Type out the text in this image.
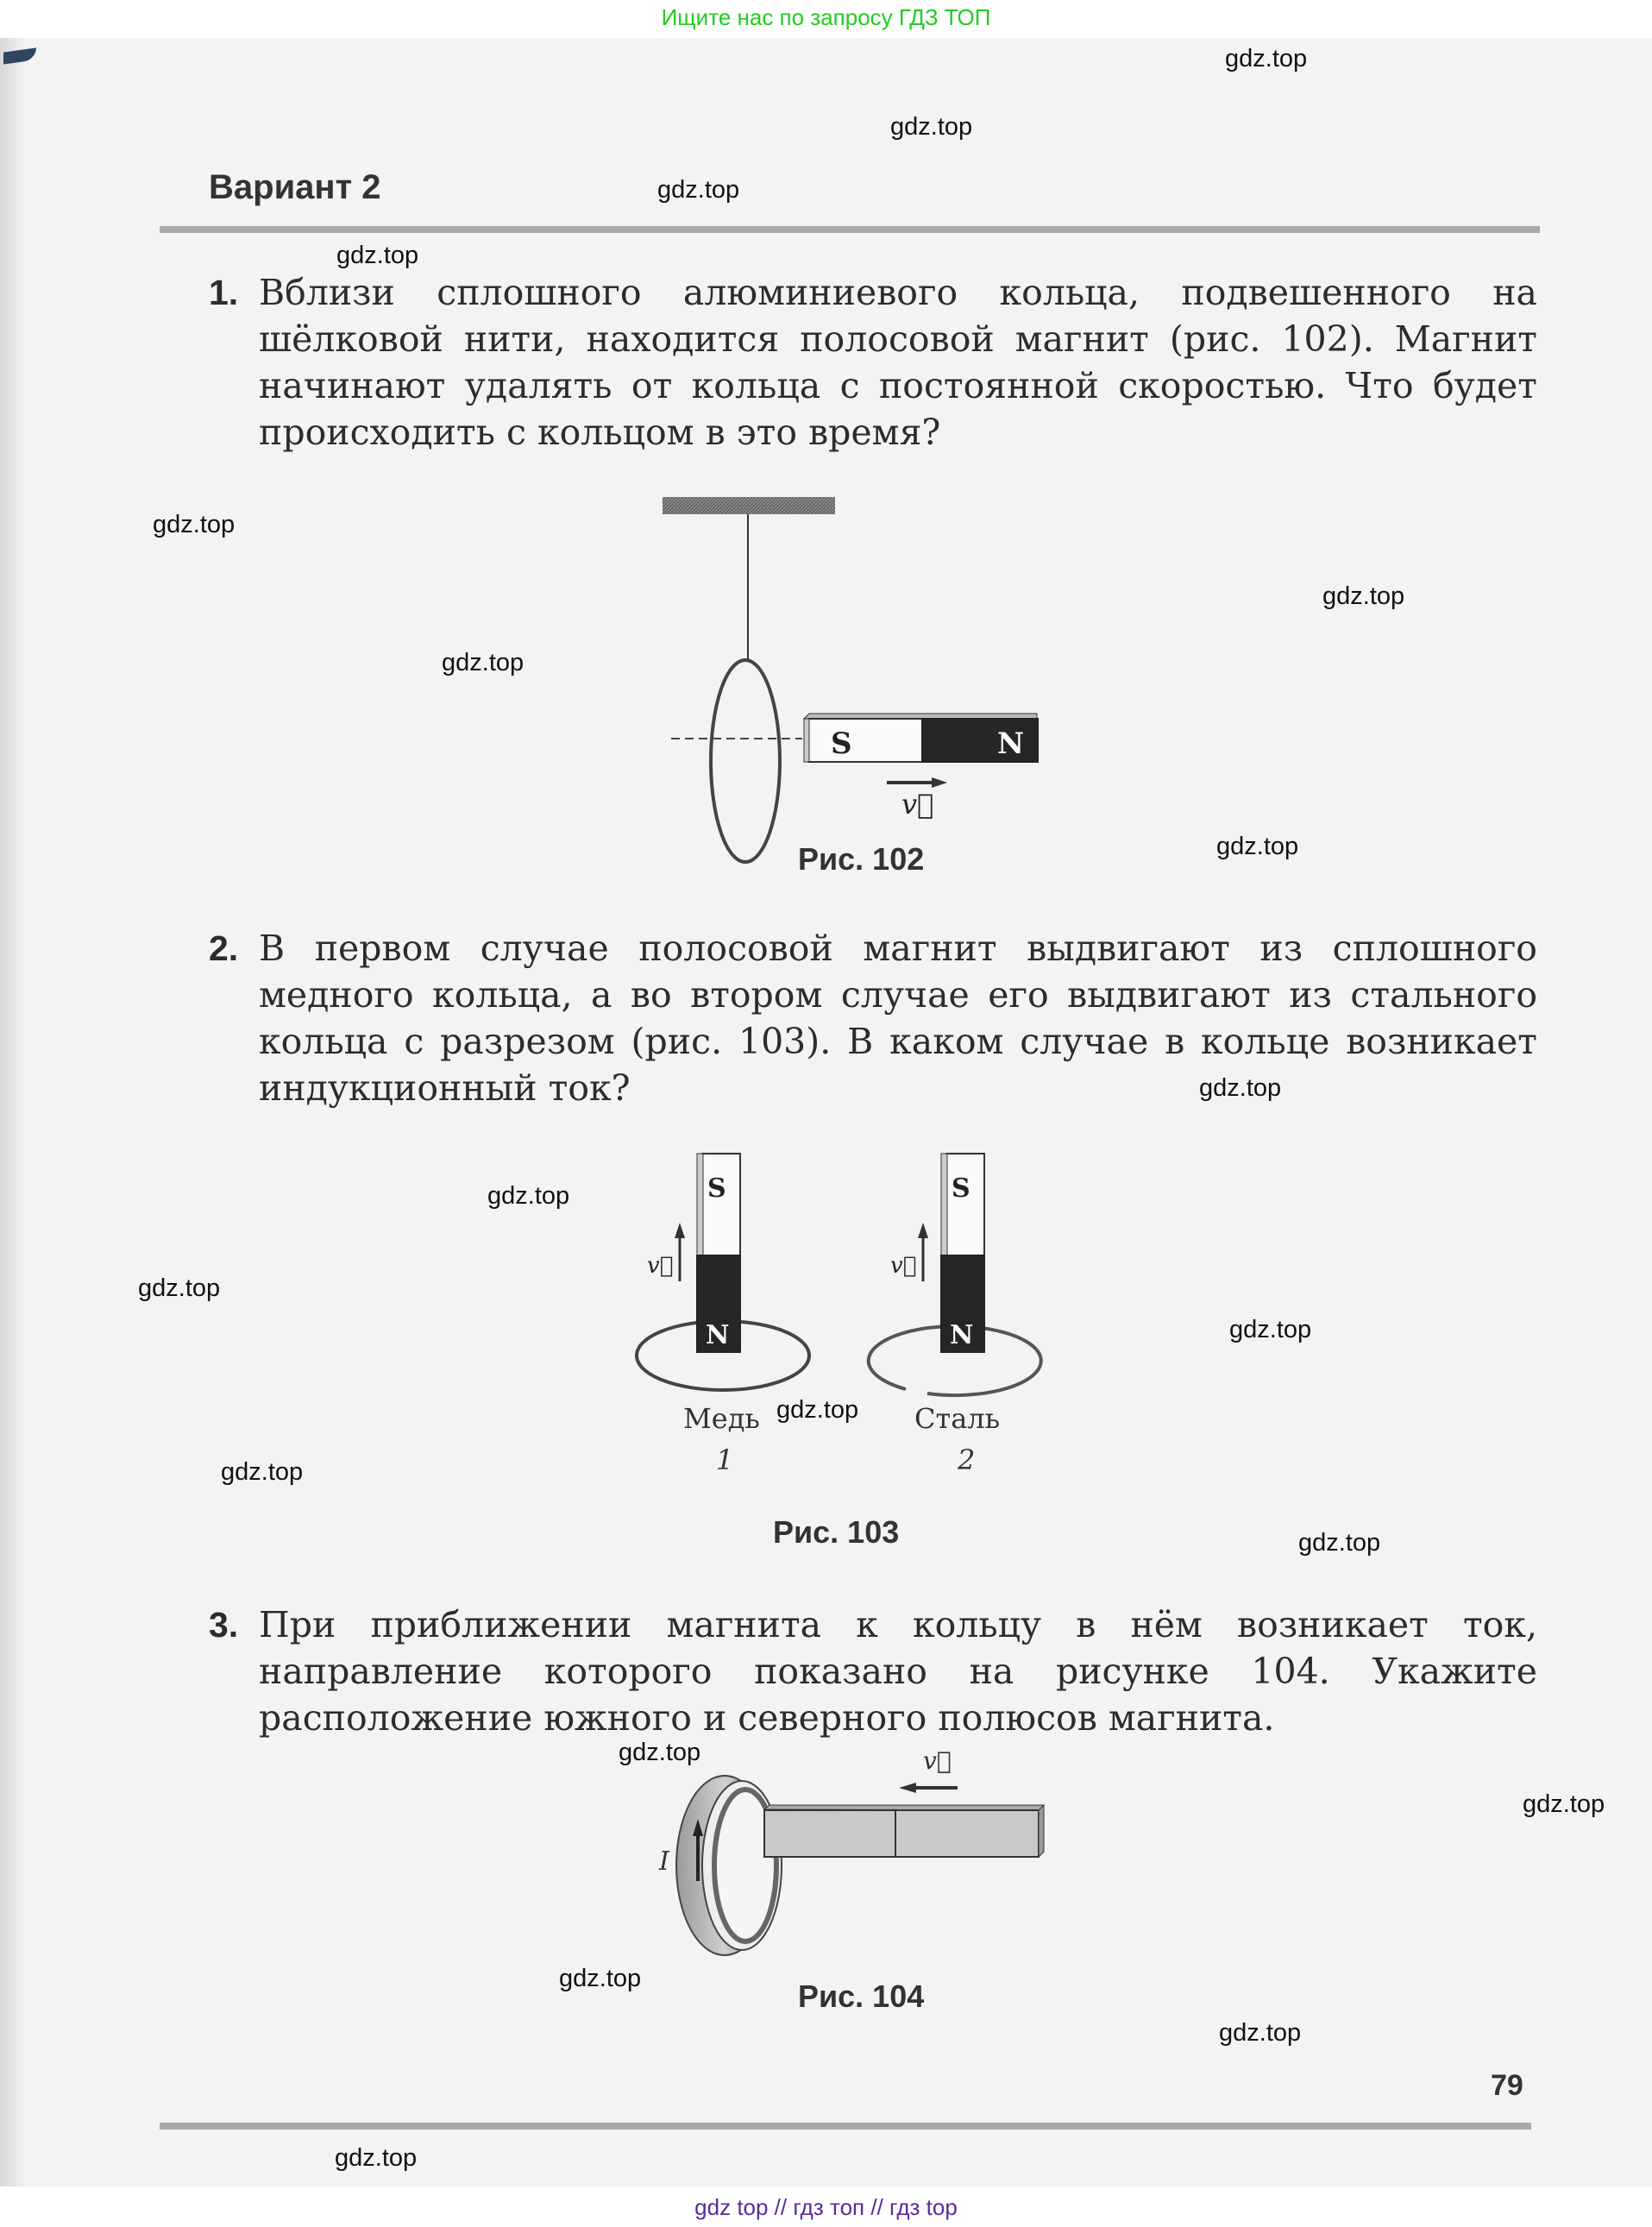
Ищите нас по запросу ГДЗ ТОП
Вариант 2
1. Вблизи сплошного алюминиевого кольца, подвешенного на шёлковой нити, находится полосовой магнит (рис. 102). Магнит начинают удалять от кольца с постоянной скоростью. Что будет происходить с кольцом в это время?
S	N
v⃗
Рис. 102
2. В первом случае полосовой магнит выдвигают из сплошного медного кольца, а во втором случае его выдвигают из стального кольца с разрезом (рис. 103). В каком случае в кольце возникает индукционный ток?
S
N
v⃗
Медь
1
S
N
v⃗
Сталь
2
Рис. 103
3. При приближении магнита к кольцу в нём возникает ток, направление которого показано на рисунке 104. Укажите расположение южного и северного полюсов магнита.
I
v⃗
Рис. 104
79
gdz.top
gdz.top
gdz.top
gdz.top
gdz.top
gdz.top
gdz.top
gdz.top
gdz.top
gdz.top
gdz.top
gdz.top
gdz.top
gdz.top
gdz.top
gdz.top
gdz.top
gdz.top
gdz.top
gdz.top
gdz top // гдз топ // гдз top
